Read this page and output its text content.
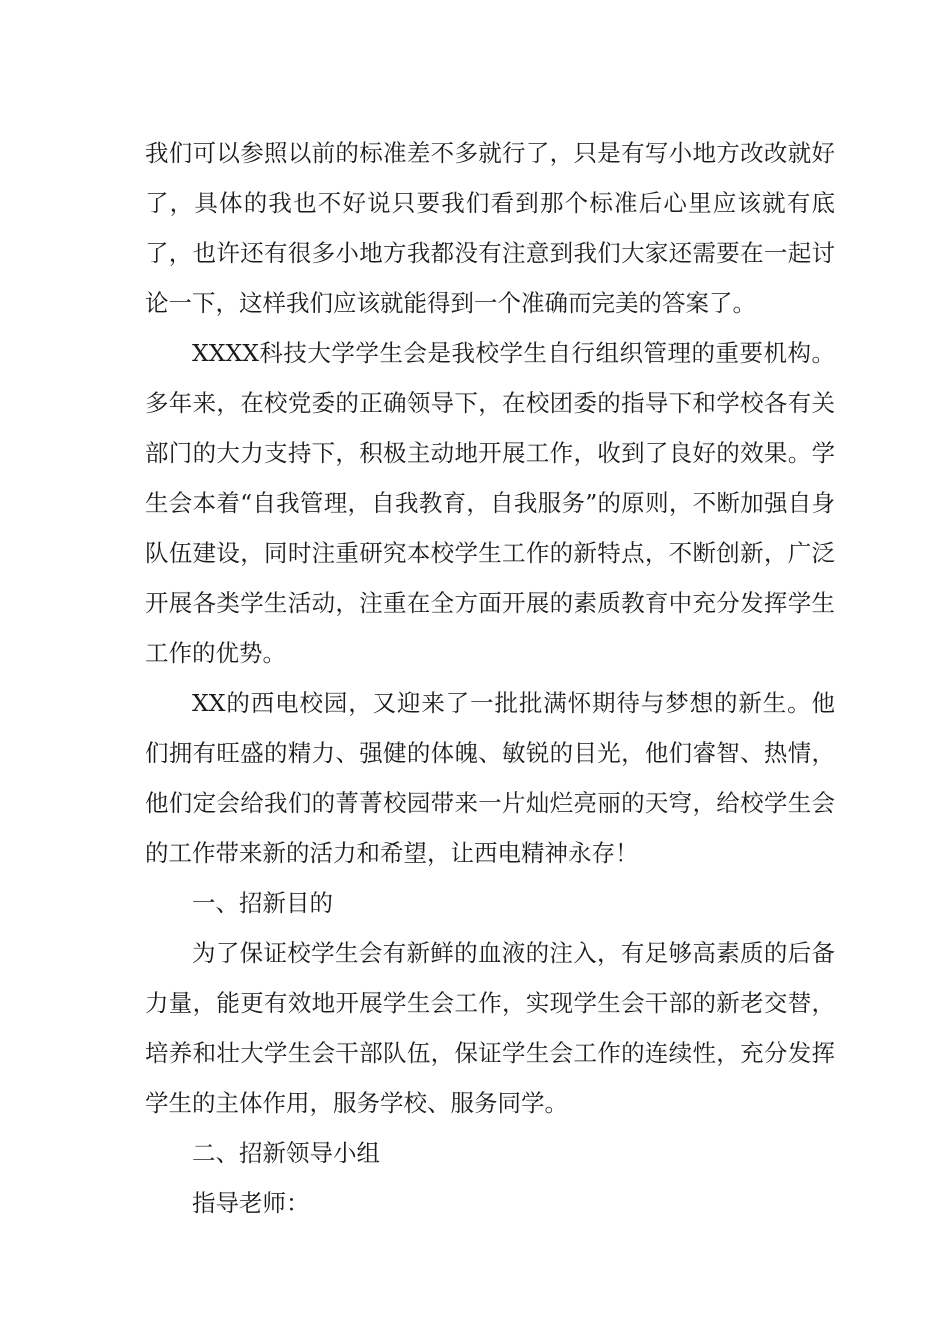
我们可以参照以前的标准差不多就行了，只是有写小地方改改就好了，具体的我也不好说只要我们看到那个标准后心里应该就有底了，也许还有很多小地方我都没有注意到我们大家还需要在一起讨论一下，这样我们应该就能得到一个准确而完美的答案了。

XXXX科技大学学生会是我校学生自行组织管理的重要机构。多年来，在校党委的正确领导下，在校团委的指导下和学校各有关部门的大力支持下，积极主动地开展工作，收到了良好的效果。学生会本着“自我管理，自我教育，自我服务”的原则，不断加强自身队伍建设，同时注重研究本校学生工作的新特点，不断创新，广泛开展各类学生活动，注重在全方面开展的素质教育中充分发挥学生工作的优势。

XX的西电校园，又迎来了一批批满怀期待与梦想的新生。他们拥有旺盛的精力、强健的体魄、敏锐的目光，他们睿智、热情，他们定会给我们的菁菁校园带来一片灿烂亮丽的天穹，给校学生会的工作带来新的活力和希望，让西电精神永存！

一、招新目的

为了保证校学生会有新鲜的血液的注入，有足够高素质的后备力量，能更有效地开展学生会工作，实现学生会干部的新老交替，培养和壮大学生会干部队伍，保证学生会工作的连续性，充分发挥学生的主体作用，服务学校、服务同学。

二、招新领导小组

指导老师：
